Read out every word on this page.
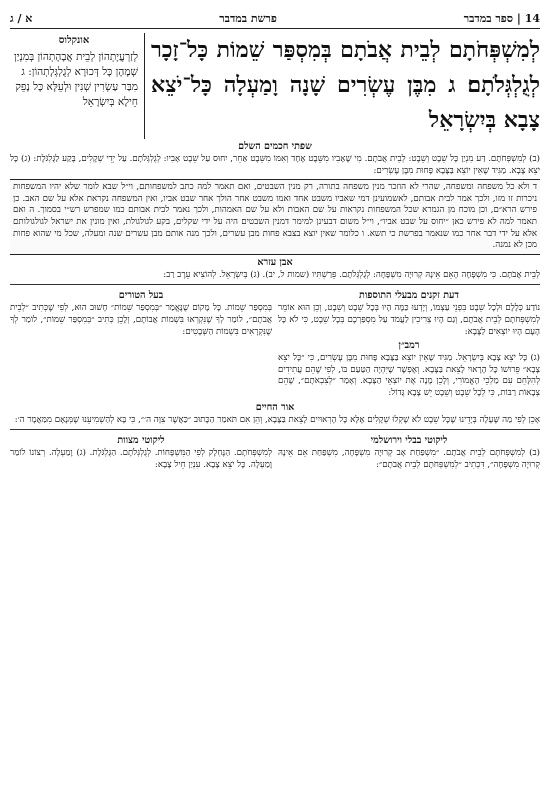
14 | ספר במדבר
פרשת במדבר
א / ג
לְמִשְׁפְּחֹתָם לְבֵית אֲבֹתָם בְּמִסְפַּר שֵׁמוֹת כָּל־זָכָר לְגֻלְגְּלֹתָם׃ ג מִבֶּן עֶשְׂרִים שָׁנָה וָמַעְלָה כָּל־יֹצֵא צָבָא בְּיִשְׂרָאֵל
אונקלוס
לְזַרְעֲיָתְהוֹן לְבֵית אֲבָהָתְהוֹן בְּמִנְיַן שְׁמָהָן כָּל דְּכוּרָא לְגֻלְגְּלָתְהוֹן: ג מִבַּר עַשְׂרִין שְׁנִין וּלְעֵלָּא כָּל נָפֵק חֵילָא בְּיִשְׂרָאֵל
שפתי חכמים השלם
(ב) לְמִשְׁפְּחֹתָם. דַּע מִנְיַן כָּל שֵׁבֶט וְשֵׁבֶט: לְבֵית אֲבֹתָם. מִי שֶׁאָבִיו מִשֵּׁבֶט אֶחָד וְאִמּוֹ מִשֵּׁבֶט אַחֵר, יִחוּס עַל שֵׁבֶט אָבִיו: לְגֻלְגְּלֹתָם. עַל יְדֵי שְׁקָלִים, בֶּקַע לַגֻּלְגֹּלֶת: (ג) כָּל יֹצֵא צָבָא. מַגִּיד שֶׁאֵין יוֹצֵא בַּצָּבָא פָּחוּת מִבֶּן עֶשְׂרִים:
ד ולא כל משפחה ומשפחה, שהרי לא הוזכר מנין משפחה בתורה, רק מנין השבטים, ואם תאמר למה כתב למשפחותם, וי״ל שבא לומר שלא יהיו המשפחות ניכרות זו מזו, ולכך אמר לבית אבותם, לאשמועינן דמי שאביו משבט אחד ואמו משבט אחר הולך אחר שבט אביו, ואין המשפחה נקראת אלא על שם האב. כן פירש הרא״ם, וכן מוכח מן הגמרא שכל המשפחות נקראות על שם האבות ולא על שם האמהות, ולכך נאמר לבית אבותם כמו שמפרש רש״י בסמוך. ה ואם תאמר למה לא פירש כאן ״יחוס על שבט אביו״, וי״ל משום דבעינן למימר דמנין השבטים היה על ידי שקלים, בקע לגולגולת, ואין מונין את ישראל לגולגולותם אלא על ידי דבר אחר כמו שנאמר בפרשת כי תשא. ו כלומר שאין יוצא בצבא פחות מבן עשרים, ולכך מנה אותם מבן עשרים שנה ומעלה, שכל מי שהוא פחות מכן לא נמנה.
אבן עזרא
לְבֵית אֲבֹתָם. כִּי מִשְׁפָּחָה הָאֵם אֵינָהּ קְרוּיָה מִשְׁפָּחָה: לְגֻלְגְּלֹתָם. פֵּרַשְׁתִּיו (שמות ל, יב). (ג) בְּיִשְׂרָאֵל. לְהוֹצִיא עֵרֶב רַב:
דעת זקנים מבעלי התוספות
נוֹדַע כְּלָלָם וּלְכָל שֵׁבֶט בִּפְנֵי עַצְמוֹ, וְיָדְעוּ כַּמָּה הָיוּ בְּכָל שֵׁבֶט וְשֵׁבֶט, וְכֵן הוּא אוֹמֵר לְמִשְׁפְּחֹתָם לְבֵית אֲבֹתָם, וְגַם הָיוּ צְרִיכִין לַעֲמֹד עַל מִסְפַּרְכֶם בְּכָל שֵׁבֶט, כִּי לֹא כָּל הָעָם הָיוּ יוֹצְאִים לַצָּבָא:
רמב״ן
(ג) כָּל יֹצֵא צָבָא בְּיִשְׂרָאֵל. מַגִּיד שֶׁאֵין יוֹצֵא בַּצָּבָא פָּחוּת מִבֶּן עֶשְׂרִים, כִּי ״כָּל יֹצֵא צָבָא״ פֵּרוּשׁוֹ כָּל הָרָאוּי לָצֵאת בַּצָּבָא. וְאֶפְשָׁר שֶׁיִּהְיֶה הַטַּעַם בּוֹ, לְפִי שֶׁהֵם עֲתִידִים לְהִלָּחֵם עִם מַלְכֵי הָאֱמוֹרִי, וְלָכֵן מָנָה אֶת יוֹצְאֵי הַצָּבָא. וְאָמַר ״לְצִבְאֹתָם״, שֶׁהֵם צְבָאוֹת רַבּוֹת, כִּי לְכָל שֵׁבֶט וְשֵׁבֶט יֵשׁ צָבָא גָּדוֹל:
בעל הטורים
בְּמִסְפַּר שֵׁמוֹת. כָּל מָקוֹם שֶׁנֶּאֱמַר ״בְּמִסְפַּר שֵׁמוֹת״ חָשׁוּב הוּא, לְפִי שֶׁכְּתִיב ״לְבֵית אֲבֹתָם״, לוֹמַר לְךָ שֶׁנִּקְרְאוּ בִּשְׁמוֹת אֲבוֹתָם, וְלָכֵן כְּתִיב ״בְּמִסְפַּר שֵׁמוֹת״, לוֹמַר לְךָ שֶׁנִּקְרָאִים בִּשְׁמוֹת הַשְּׁבָטִים:
אור החיים
אָכֵן לְפִי מַה שֶּׁעָלָה בְּיָדֵינוּ שֶׁכָּל שֵׁבֶט לֹא שֶׁקְלוּ שְׁקָלִים אֶלָּא כָּל הָרְאוּיִים לָצֵאת בַּצָּבָא, וְהֵן אִם תֹּאמַר הַכָּתוּב ״כַּאֲשֶׁר צִוָּה ה׳״, כִּי בָּא לְהַשְׁמִיעֵנוּ שֶׁמְּנָאָם מִמַּאֲמָר ה׳:
ליקוטי בבלי וירושלמי
(ב) לְמִשְׁפְּחֹתָם לְבֵית אֲבֹתָם. ״מִשְׁפַּחַת אָב קְרוּיָה מִשְׁפָּחָה, מִשְׁפַּחַת אֵם אֵינָהּ קְרוּיָה מִשְׁפָּחָה״, דִּכְתִיב ״לְמִשְׁפְּחֹתָם לְבֵית אֲבֹתָם״:
ליקוטי מצוות
לְמִשְׁפְּחֹתָם. הַנֶּחְלָק לְפִי הַמִּשְׁפָּחוֹת. לְגֻלְגְּלֹתָם. הַגֻּלְגֹּלֶת. (ג) וָמַעְלָה. רְצוֹנוֹ לוֹמַר וָמַעְלָה. כָּל יֹצֵא צָבָא. עִנְיַן חֵיל צָבָא:
